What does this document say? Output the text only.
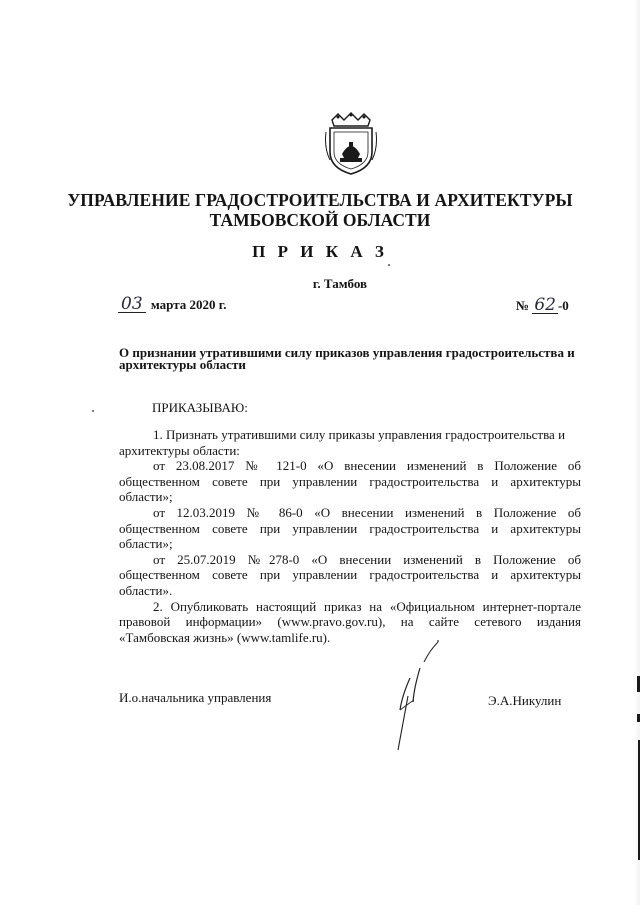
УПРАВЛЕНИЕ ГРАДОСТРОИТЕЛЬСТВА И АРХИТЕКТУРЫ
ТАМБОВСКОЙ ОБЛАСТИ
П Р И К А З
г. Тамбов
03 марта 2020 г.	№ 62 -0
О признании утратившими силу приказов управления градостроительства и архитектуры области
ПРИКАЗЫВАЮ:

1. Признать утратившими силу приказы управления градостроительства и архитектуры области:

от 23.08.2017 № 121-0 «О внесении изменений в Положение об

общественном совете при управлении градостроительства и архитектуры

области»;

от 12.03.2019 № 86-0 «О внесении изменений в Положение об

общественном совете при управлении градостроительства и архитектуры

области»;

от 25.07.2019 №278-0 «О внесении изменений в Положение об

общественном совете при управлении градостроительства и архитектуры

области».

2. Опубликовать настоящий приказ на «Официальном интернет-портале правовой информации» (www.pravo.gov.ru), на сайте сетевого издания «Тамбовская жизнь» (www.tamlife.ru).

И.о.начальника управления	Э.А.Никулин
